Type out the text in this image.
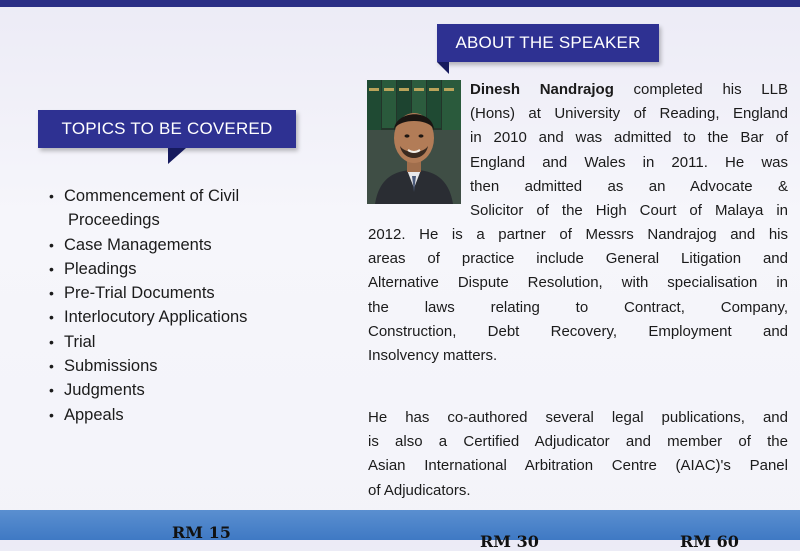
ABOUT THE SPEAKER
TOPICS TO BE COVERED
• Commencement of Civil
Proceedings
• Case Managements
• Pleadings
• Pre-Trial Documents
• Interlocutory Applications
• Trial
• Submissions
• Judgments
• Appeals
Dinesh Nandrajog completed his LLB
(Hons) at University of Reading, England
in 2010 and was admitted to the Bar of
England and Wales in 2011. He was
then admitted as an Advocate &
Solicitor of the High Court of Malaya in
2012. He is a partner of Messrs Nandrajog and his
areas of practice include General Litigation and
Alternative Dispute Resolution, with specialisation in
the laws relating to Contract, Company,
Construction, Debt Recovery, Employment and
Insolvency matters.
He has co-authored several legal publications, and
is also a Certified Adjudicator and member of the
Asian International Arbitration Centre (AIAC)'s Panel
of Adjudicators.
RM 15	RM 30	RM 60
